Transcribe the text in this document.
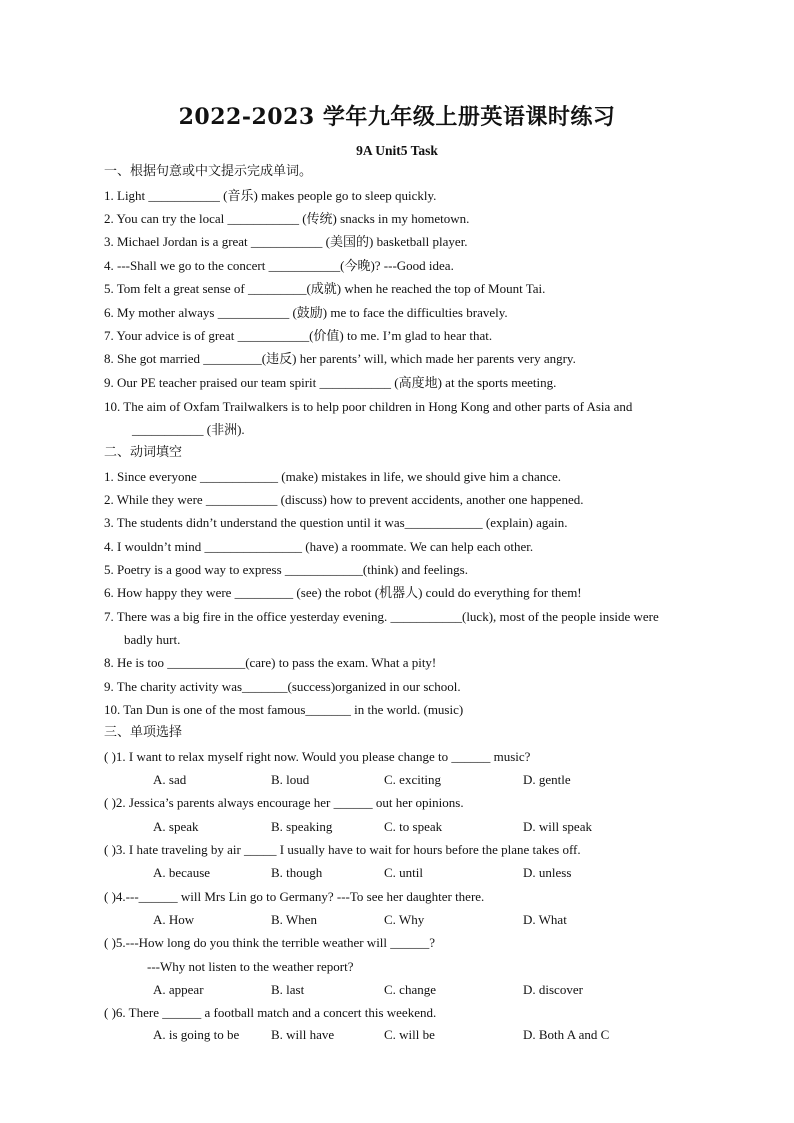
2022-2023 学年九年级上册英语课时练习
9A Unit5 Task
一、根据句意或中文提示完成单词。
1. Light ___________ (音乐) makes people go to sleep quickly.
2. You can try the local ___________ (传统) snacks in my hometown.
3. Michael Jordan is a great ___________ (美国的) basketball player.
4. ---Shall we go to the concert ___________(今晚)? ---Good idea.
5. Tom felt a great sense of _________(成就) when he reached the top of Mount Tai.
6. My mother always ___________ (鼓励) me to face the difficulties bravely.
7. Your advice is of great ___________(价值) to me. I’m glad to hear that.
8. She got married _________(违反) her parents’ will, which made her parents very angry.
9. Our PE teacher praised our team spirit ___________ (高度地) at the sports meeting.
10. The aim of Oxfam Trailwalkers is to help poor children in Hong Kong and other parts of Asia and
___________ (非洲).
二、动词填空
1. Since everyone ____________ (make) mistakes in life, we should give him a chance.
2. While they were ___________ (discuss) how to prevent accidents, another one happened.
3. The students didn’t understand the question until it was____________ (explain) again.
4. I wouldn’t mind _______________ (have) a roommate. We can help each other.
5. Poetry is a good way to express ____________(think) and feelings.
6. How happy they were _________ (see) the robot (机器人) could do everything for them!
7. There was a big fire in the office yesterday evening. ___________(luck), most of the people inside were
badly hurt.
8. He is too ____________(care) to pass the exam. What a pity!
9. The charity activity was_______(success)organized in our school.
10. Tan Dun is one of the most famous_______ in the world. (music)
三、单项选择
( )1. I want to relax myself right now. Would you please change to ______ music?
A. sad	B. loud	C. exciting	D. gentle
( )2. Jessica’s parents always encourage her ______ out her opinions.
A. speak	B. speaking	C. to speak	D. will speak
( )3. I hate traveling by air _____ I usually have to wait for hours before the plane takes off.
A. because	B. though	C. until	D. unless
( )4.---______ will Mrs Lin go to Germany? ---To see her daughter there.
A. How	B. When	C. Why	D. What
( )5.---How long do you think the terrible weather will ______?
---Why not listen to the weather report?
A. appear	B. last	C. change	D. discover
( )6. There ______ a football match and a concert this weekend.
A. is going to be B. will have	C. will be	D. Both A and C
